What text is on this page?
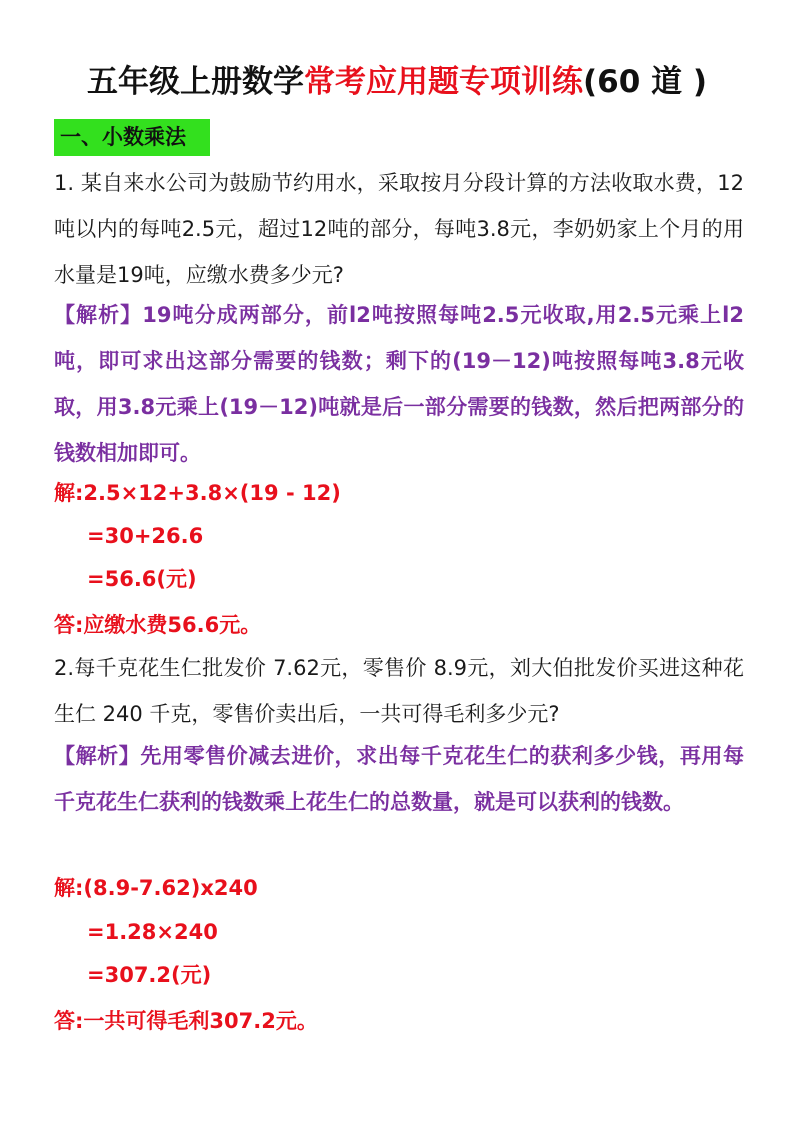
五年级上册数学常考应用题专项训练(60 道 )
一、小数乘法
1. 某自来水公司为鼓励节约用水，采取按月分段计算的方法收取水费，12吨以内的每吨2.5元，超过12吨的部分，每吨3.8元，李奶奶家上个月的用水量是19吨，应缴水费多少元?
【解析】19吨分成两部分，前l2吨按照每吨2.5元收取,用2.5元乘上l2吨，即可求出这部分需要的钱数；剩下的(19－12)吨按照每吨3.8元收取，用3.8元乘上(19－12)吨就是后一部分需要的钱数，然后把两部分的钱数相加即可。
解:2.5×12+3.8×(19 - 12)
=30+26.6
=56.6(元)
答:应缴水费56.6元。
2.每千克花生仁批发价 7.62元，零售价 8.9元，刘大伯批发价买进这种花生仁 240 千克，零售价卖出后，一共可得毛利多少元?
【解析】先用零售价减去进价，求出每千克花生仁的获利多少钱，再用每千克花生仁获利的钱数乘上花生仁的总数量，就是可以获利的钱数。
解:(8.9-7.62)x240
=1.28×240
=307.2(元)
答:一共可得毛利307.2元。
